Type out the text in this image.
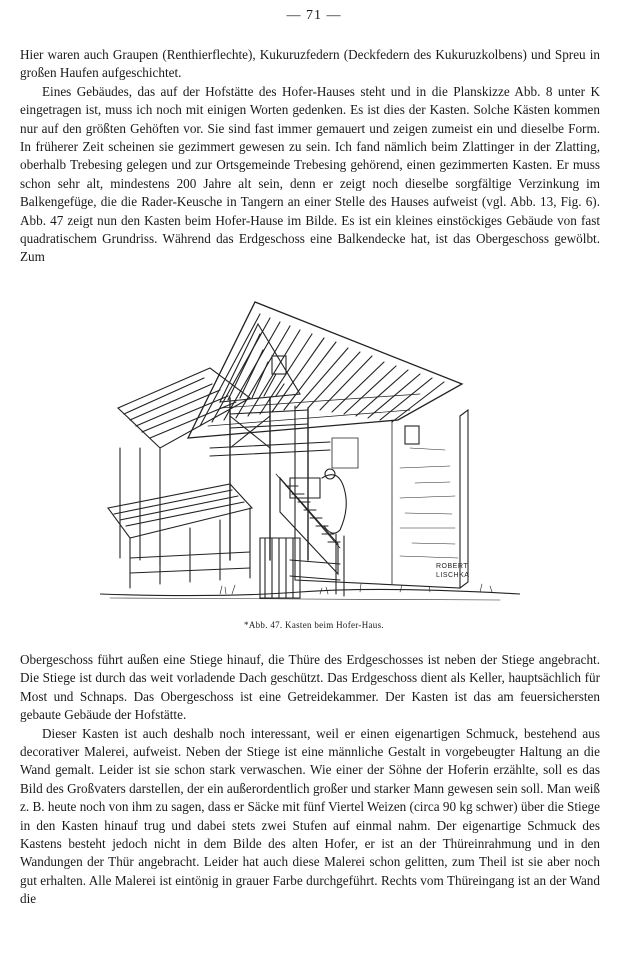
— 71 —

Hier waren auch Graupen (Renthierflechte), Kukuruzfedern (Deckfedern des Kukuruzkolbens) und Spreu in großen Haufen aufgeschichtet.

Eines Gebäudes, das auf der Hofstätte des Hofer-Hauses steht und in die Planskizze Abb. 8 unter K eingetragen ist, muss ich noch mit einigen Worten gedenken. Es ist dies der Kasten. Solche Kästen kommen nur auf den größten Gehöften vor. Sie sind fast immer gemauert und zeigen zumeist ein und dieselbe Form. In früherer Zeit scheinen sie gezimmert gewesen zu sein. Ich fand nämlich beim Zlattinger in der Zlatting, oberhalb Trebesing gelegen und zur Ortsgemeinde Trebesing gehörend, einen gezimmerten Kasten. Er muss schon sehr alt, mindestens 200 Jahre alt sein, denn er zeigt noch dieselbe sorgfältige Verzinkung im Balkengefüge, die die Rader-Keusche in Tangern an einer Stelle des Hauses aufweist (vgl. Abb. 13, Fig. 6). Abb. 47 zeigt nun den Kasten beim Hofer-Hause im Bilde. Es ist ein kleines einstöckiges Gebäude von fast quadratischem Grundriss. Während das Erdgeschoss eine Balkendecke hat, ist das Obergeschoss gewölbt. Zum

ROBERT
LISCHKA
*Abb. 47. Kasten beim Hofer-Haus.

Obergeschoss führt außen eine Stiege hinauf, die Thüre des Erdgeschosses ist neben der Stiege angebracht. Die Stiege ist durch das weit vorladende Dach geschützt. Das Erdgeschoss dient als Keller, hauptsächlich für Most und Schnaps. Das Obergeschoss ist eine Getreidekammer. Der Kasten ist das am feuersichersten gebaute Gebäude der Hofstätte.

Dieser Kasten ist auch deshalb noch interessant, weil er einen eigenartigen Schmuck, bestehend aus decorativer Malerei, aufweist. Neben der Stiege ist eine männliche Gestalt in vorgebeugter Haltung an die Wand gemalt. Leider ist sie schon stark verwaschen. Wie einer der Söhne der Hoferin erzählte, soll es das Bild des Großvaters darstellen, der ein außerordentlich großer und starker Mann gewesen sein soll. Man weiß z. B. heute noch von ihm zu sagen, dass er Säcke mit fünf Viertel Weizen (circa 90 kg schwer) über die Stiege in den Kasten hinauf trug und dabei stets zwei Stufen auf einmal nahm. Der eigenartige Schmuck des Kastens besteht jedoch nicht in dem Bilde des alten Hofer, er ist an der Thüreinrahmung und in den Wandungen der Thür angebracht. Leider hat auch diese Malerei schon gelitten, zum Theil ist sie aber noch gut erhalten. Alle Malerei ist eintönig in grauer Farbe durchgeführt. Rechts vom Thüreingang ist an der Wand die
